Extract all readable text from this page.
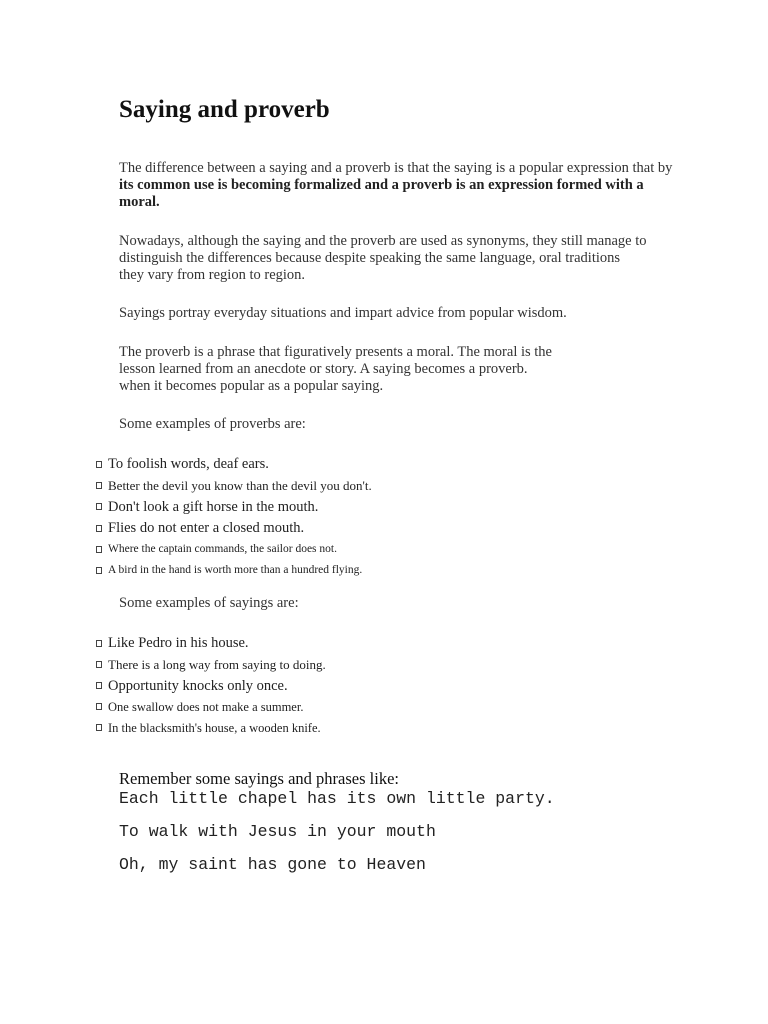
Saying and proverb

The difference between a saying and a proverb is that the saying is a popular expression that by
its common use is becoming formalized and a proverb is an expression formed with a
moral.

Nowadays, although the saying and the proverb are used as synonyms, they still manage to
distinguish the differences because despite speaking the same language, oral traditions
they vary from region to region.

Sayings portray everyday situations and impart advice from popular wisdom.

The proverb is a phrase that figuratively presents a moral. The moral is the
lesson learned from an anecdote or story. A saying becomes a proverb.
when it becomes popular as a popular saying.

Some examples of proverbs are:

To foolish words, deaf ears.
Better the devil you know than the devil you don't.
Don't look a gift horse in the mouth.
Flies do not enter a closed mouth.
Where the captain commands, the sailor does not.
A bird in the hand is worth more than a hundred flying.

Some examples of sayings are:

Like Pedro in his house.
There is a long way from saying to doing.
Opportunity knocks only once.
One swallow does not make a summer.
In the blacksmith's house, a wooden knife.

Remember some sayings and phrases like:

Each little chapel has its own little party.

To walk with Jesus in your mouth

Oh, my saint has gone to Heaven
